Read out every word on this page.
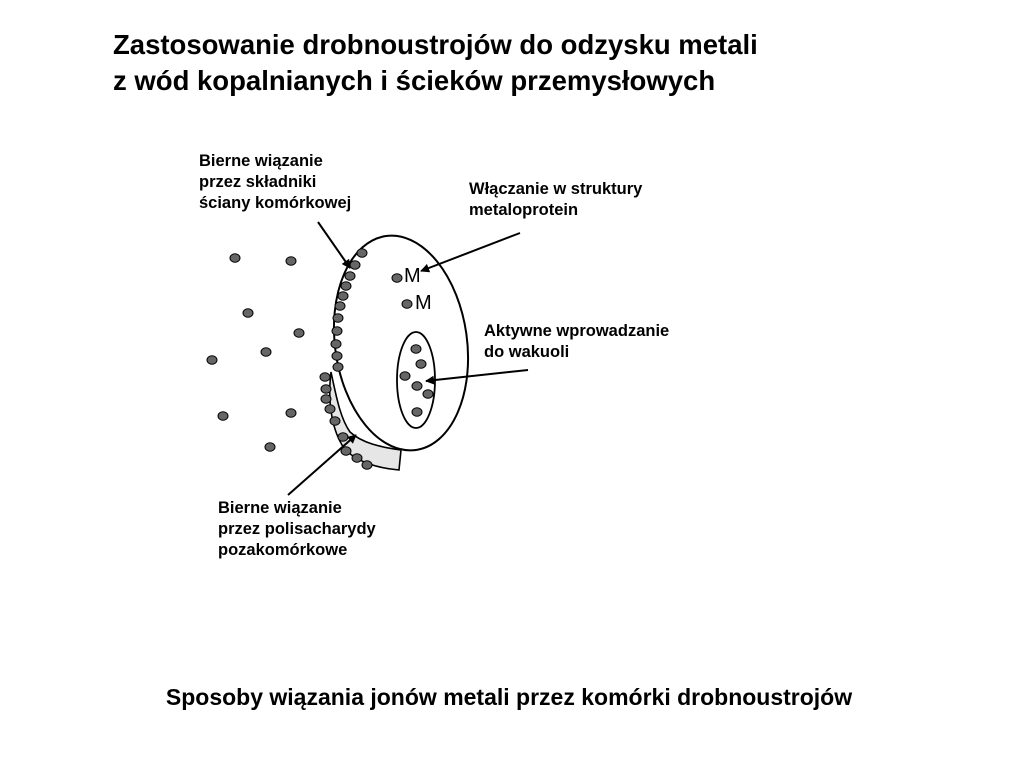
Zastosowanie drobnoustrojów do odzysku metali
z wód kopalnianych i ścieków przemysłowych
Bierne wiązanie
przez składniki
ściany komórkowej
Włączanie w struktury
metaloprotein
Aktywne wprowadzanie
do wakuoli
Bierne wiązanie
przez polisacharydy
pozakomórkowe
M
M

Sposoby wiązania jonów metali przez komórki drobnoustrojów
